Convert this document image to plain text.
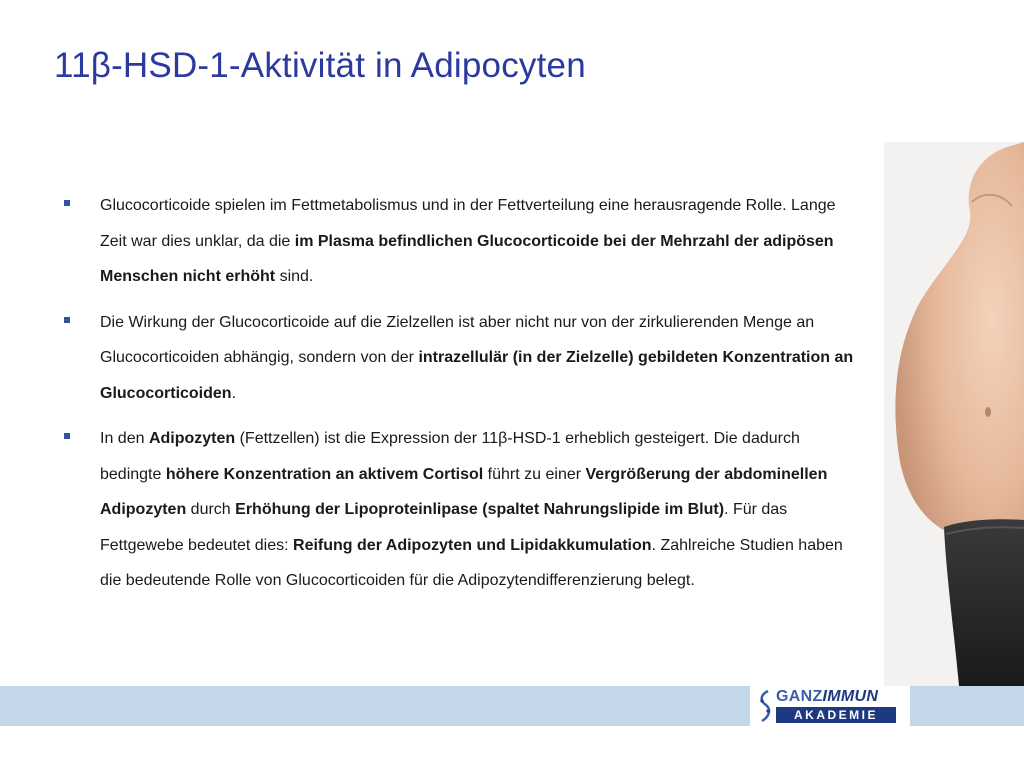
11β-HSD-1-Aktivität in Adipocyten
Glucocorticoide spielen im Fettmetabolismus und in der Fettverteilung eine herausragende Rolle. Lange Zeit war dies unklar, da die im Plasma befindlichen Glucocorticoide bei der Mehrzahl der adipösen Menschen nicht erhöht sind.
Die Wirkung der Glucocorticoide auf die Zielzellen ist aber nicht nur von der zirkulierenden Menge an Glucocorticoiden abhängig, sondern von der intrazellulär (in der Zielzelle) gebildeten Konzentration an Glucocorticoiden.
In den Adipozyten (Fettzellen) ist die Expression der 11β-HSD-1 erheblich gesteigert. Die dadurch bedingte höhere Konzentration an aktivem Cortisol führt zu einer Vergrößerung der abdominellen Adipozyten durch Erhöhung der Lipoproteinlipase (spaltet Nahrungslipide im Blut). Für das Fettgewebe bedeutet dies: Reifung der Adipozyten und Lipidakkumulation. Zahlreiche Studien haben die bedeutende Rolle von Glucocorticoiden für die Adipozytendifferenzierung belegt.
GANZIMMUN
AKADEMIE
